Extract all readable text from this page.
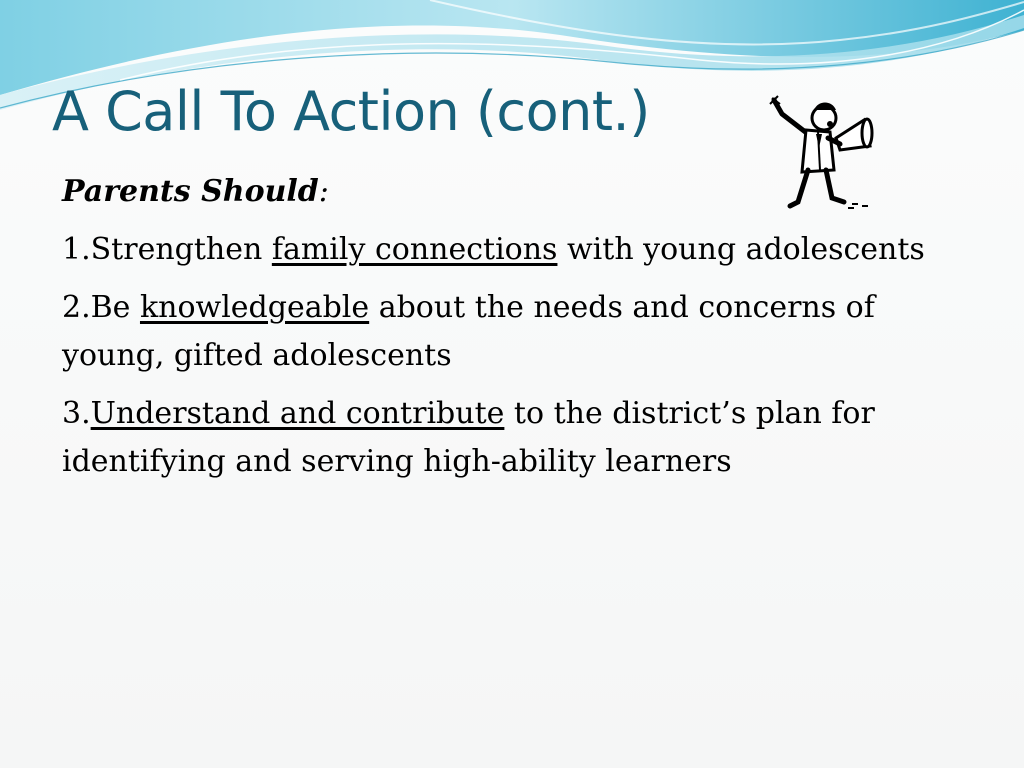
A Call To Action (cont.)

Parents Should:

1.Strengthen family connections with young adolescents

2.Be knowledgeable about the needs and concerns of young, gifted adolescents

3.Understand and contribute to the district’s plan for identifying and serving high-ability learners
